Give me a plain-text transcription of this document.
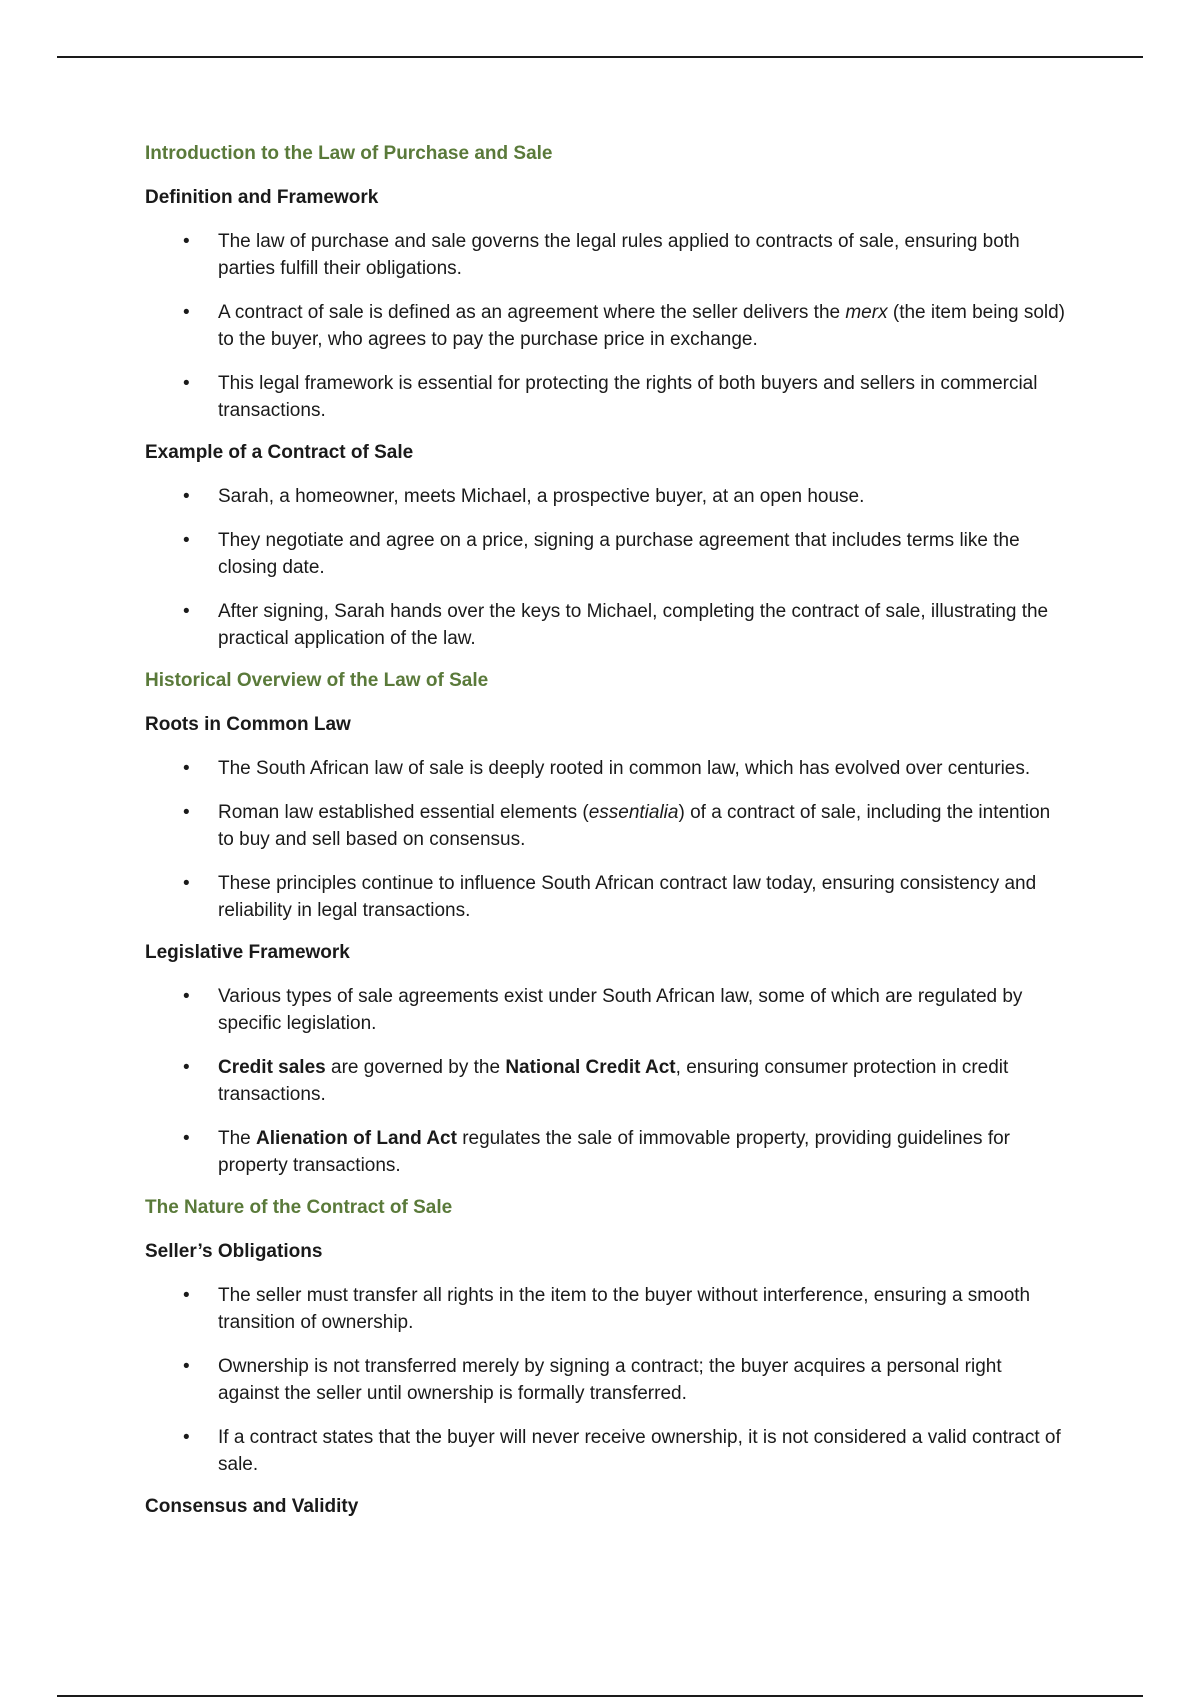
Introduction to the Law of Purchase and Sale
Definition and Framework
• The law of purchase and sale governs the legal rules applied to contracts of sale, ensuring both parties fulfill their obligations.
• A contract of sale is defined as an agreement where the seller delivers the merx (the item being sold) to the buyer, who agrees to pay the purchase price in exchange.
• This legal framework is essential for protecting the rights of both buyers and sellers in commercial transactions.
Example of a Contract of Sale
• Sarah, a homeowner, meets Michael, a prospective buyer, at an open house.
• They negotiate and agree on a price, signing a purchase agreement that includes terms like the closing date.
• After signing, Sarah hands over the keys to Michael, completing the contract of sale, illustrating the practical application of the law.
Historical Overview of the Law of Sale
Roots in Common Law
• The South African law of sale is deeply rooted in common law, which has evolved over centuries.
• Roman law established essential elements (essentialia) of a contract of sale, including the intention to buy and sell based on consensus.
• These principles continue to influence South African contract law today, ensuring consistency and reliability in legal transactions.
Legislative Framework
• Various types of sale agreements exist under South African law, some of which are regulated by specific legislation.
• Credit sales are governed by the National Credit Act, ensuring consumer protection in credit transactions.
• The Alienation of Land Act regulates the sale of immovable property, providing guidelines for property transactions.
The Nature of the Contract of Sale
Seller’s Obligations
• The seller must transfer all rights in the item to the buyer without interference, ensuring a smooth transition of ownership.
• Ownership is not transferred merely by signing a contract; the buyer acquires a personal right against the seller until ownership is formally transferred.
• If a contract states that the buyer will never receive ownership, it is not considered a valid contract of sale.
Consensus and Validity
